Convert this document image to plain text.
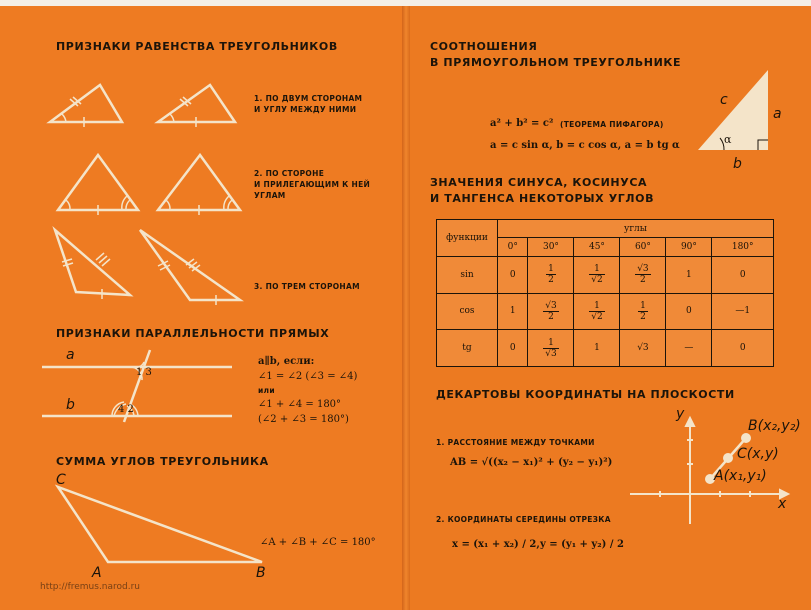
ПРИЗНАКИ РАВЕНСТВА ТРЕУГОЛЬНИКОВ
1. ПО ДВУМ СТОРОНАМ
И УГЛУ МЕЖДУ НИМИ
2. ПО СТОРОНЕ
И ПРИЛЕГАЮЩИМ К НЕЙ
УГЛАМ
3. ПО ТРЕМ СТОРОНАМ
ПРИЗНАКИ ПАРАЛЛЕЛЬНОСТИ ПРЯМЫХ
a
b
1 3
4 2
a∥b, если:
∠1 = ∠2 (∠3 = ∠4)
или
∠1 + ∠4 = 180°
(∠2 + ∠3 = 180°)
СУММА УГЛОВ ТРЕУГОЛЬНИКА
C
A	B
∠A + ∠B + ∠C = 180°
http://fremus.narod.ru
СООТНОШЕНИЯ
В ПРЯМОУГОЛЬНОМ ТРЕУГОЛЬНИКЕ
a² + b² = c² (ТЕОРЕМА ПИФАГОРА)
a = c sin α, b = c cos α, a = b tg α
c
a
b
α
ЗНАЧЕНИЯ СИНУСА, КОСИНУСА
И ТАНГЕНСА НЕКОТОРЫХ УГЛОВ
функции	углы					
	0°	30°	45°	60°	90°	180°
sin	0	$\frac{1}{2}$	$\frac{1}{√2}$	$\frac{√3}{2}$	1	0
cos	1	$\frac{√3}{2}$	$\frac{1}{√2}$	$\frac{1}{2}$	0	—1
tg	0	$\frac{1}{√3}$	1	√3	—	0
ДЕКАРТОВЫ КООРДИНАТЫ НА ПЛОСКОСТИ
1. РАССТОЯНИЕ МЕЖДУ ТОЧКАМИ
AB = √((x₂ − x₁)² + (y₂ − y₁)²)
2. КООРДИНАТЫ СЕРЕДИНЫ ОТРЕЗКА
x = (x₁ + x₂) / 2, y = (y₁ + y₂) / 2
y
x
A(x₁,y₁)
C(x,y)
B(x₂,y₂)
